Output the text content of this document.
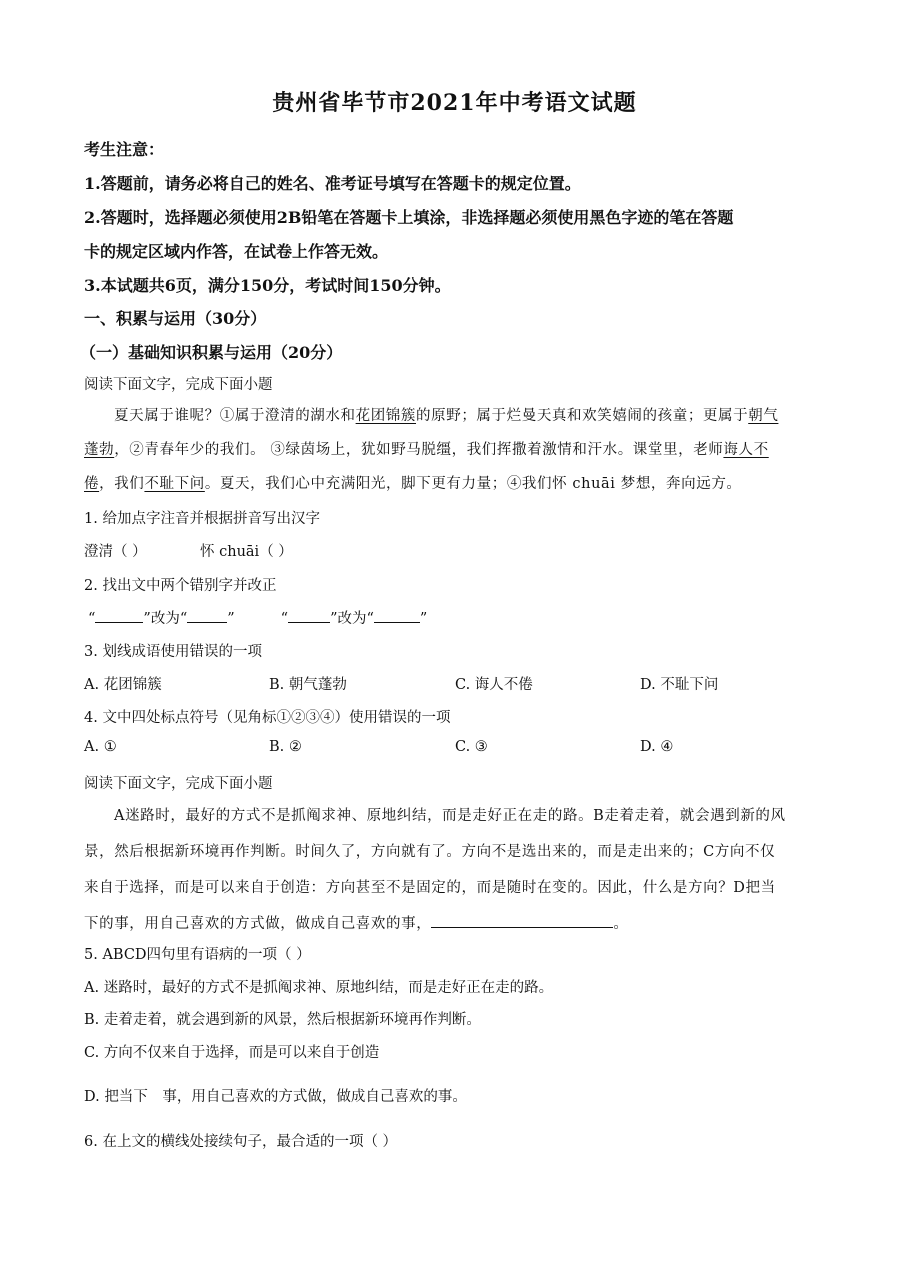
贵州省毕节市2021年中考语文试题
考生注意：
1.答题前，请务必将自己的姓名、准考证号填写在答题卡的规定位置。
2.答题时，选择题必须使用2B铅笔在答题卡上填涂，非选择题必须使用黑色字迹的笔在答题
卡的规定区域内作答，在试卷上作答无效。
3.本试题共6页，满分150分，考试时间150分钟。
一、积累与运用（30分）
（一）基础知识积累与运用（20分）
阅读下面文字，完成下面小题
夏天属于谁呢？①属于澄清的湖水和花团锦簇的原野；属于烂曼天真和欢笑嬉闹的孩童；更属于朝气
蓬勃，②青春年少的我们。 ③绿茵场上，犹如野马脱缰，我们挥撒着激情和汗水。课堂里，老师诲人不
倦，我们不耻下问。夏天，我们心中充满阳光，脚下更有力量；④我们怀 chuāi 梦想，奔向远方。
1. 给加点字注音并根据拼音写出汉字
澄清（ ）	怀 chuāi（ ）
2. 找出文中两个错别字并改正
“	”改为“	”	“	”改为“	”
3. 划线成语使用错误的一项
A. 花团锦簇	B. 朝气蓬勃	C. 诲人不倦	D. 不耻下问
4. 文中四处标点符号（见角标①②③④）使用错误的一项
A. ①	B. ②	C. ③	D. ④
阅读下面文字，完成下面小题
A迷路时，最好的方式不是抓阄求神、原地纠结，而是走好正在走的路。B走着走着，就会遇到新的风
景，然后根据新环境再作判断。时间久了，方向就有了。方向不是选出来的，而是走出来的；C方向不仅
来自于选择，而是可以来自于创造：方向甚至不是固定的，而是随时在变的。因此，什么是方向？D把当
下的事，用自己喜欢的方式做，做成自己喜欢的事，	。
5. ABCD四句里有语病的一项（ ）
A. 迷路时，最好的方式不是抓阄求神、原地纠结，而是走好正在走的路。
B. 走着走着，就会遇到新的风景，然后根据新环境再作判断。
C. 方向不仅来自于选择，而是可以来自于创造
D. 把当下　事，用自己喜欢的方式做，做成自己喜欢的事。
6. 在上文的横线处接续句子，最合适的一项（ ）
